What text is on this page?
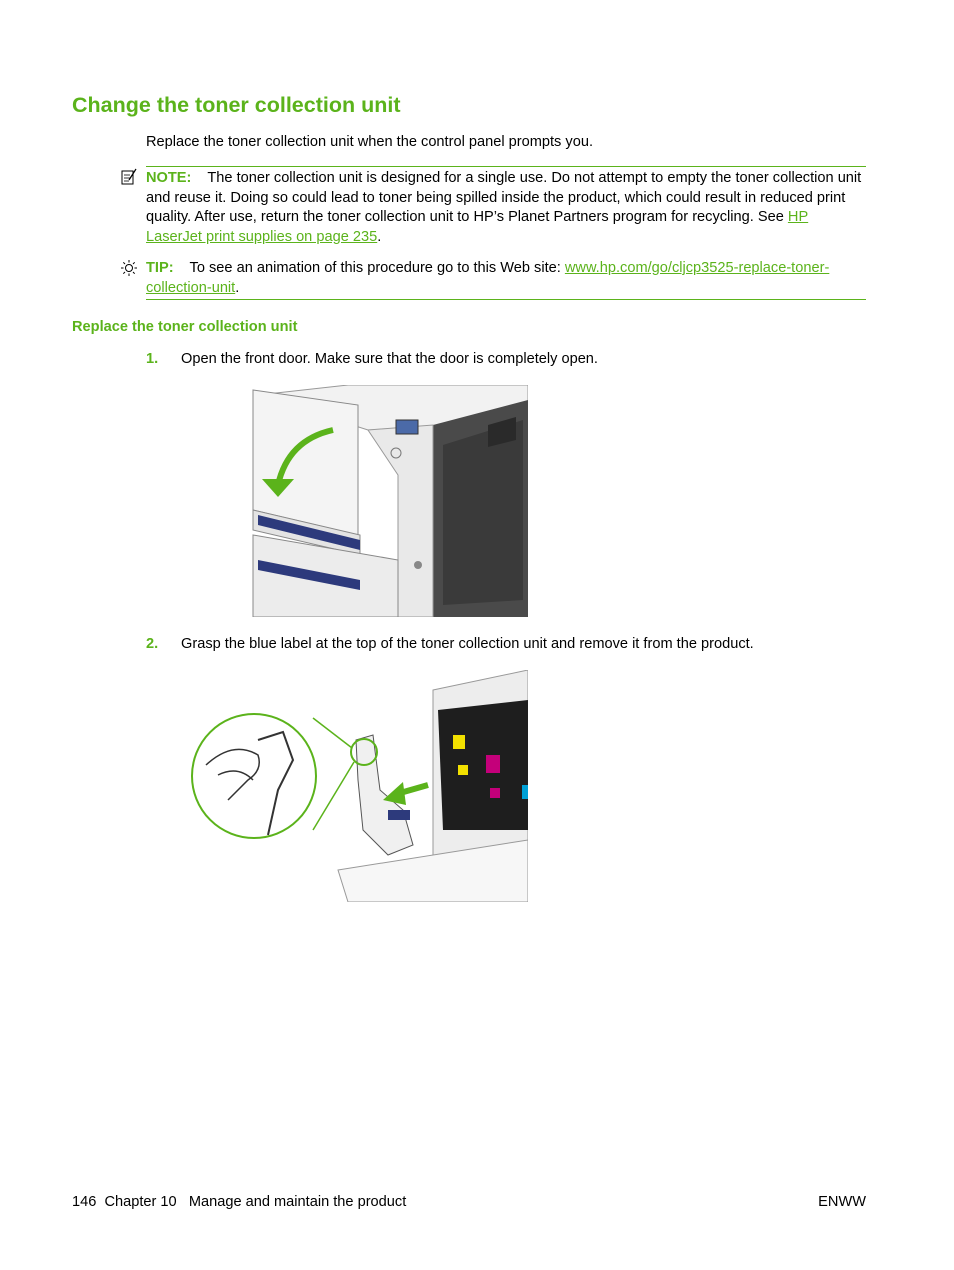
Change the toner collection unit

Replace the toner collection unit when the control panel prompts you.

NOTE: The toner collection unit is designed for a single use. Do not attempt to empty the toner collection unit and reuse it. Doing so could lead to toner being spilled inside the product, which could result in reduced print quality. After use, return the toner collection unit to HP’s Planet Partners program for recycling. See HP LaserJet print supplies on page 235.
TIP: To see an animation of this procedure go to this Web site: www.hp.com/go/cljcp3525-replace-toner-collection-unit.
Replace the toner collection unit
1. Open the front door. Make sure that the door is completely open.
2. Grasp the blue label at the top of the toner collection unit and remove it from the product.
146  Chapter 10   Manage and maintain the product	ENWW
